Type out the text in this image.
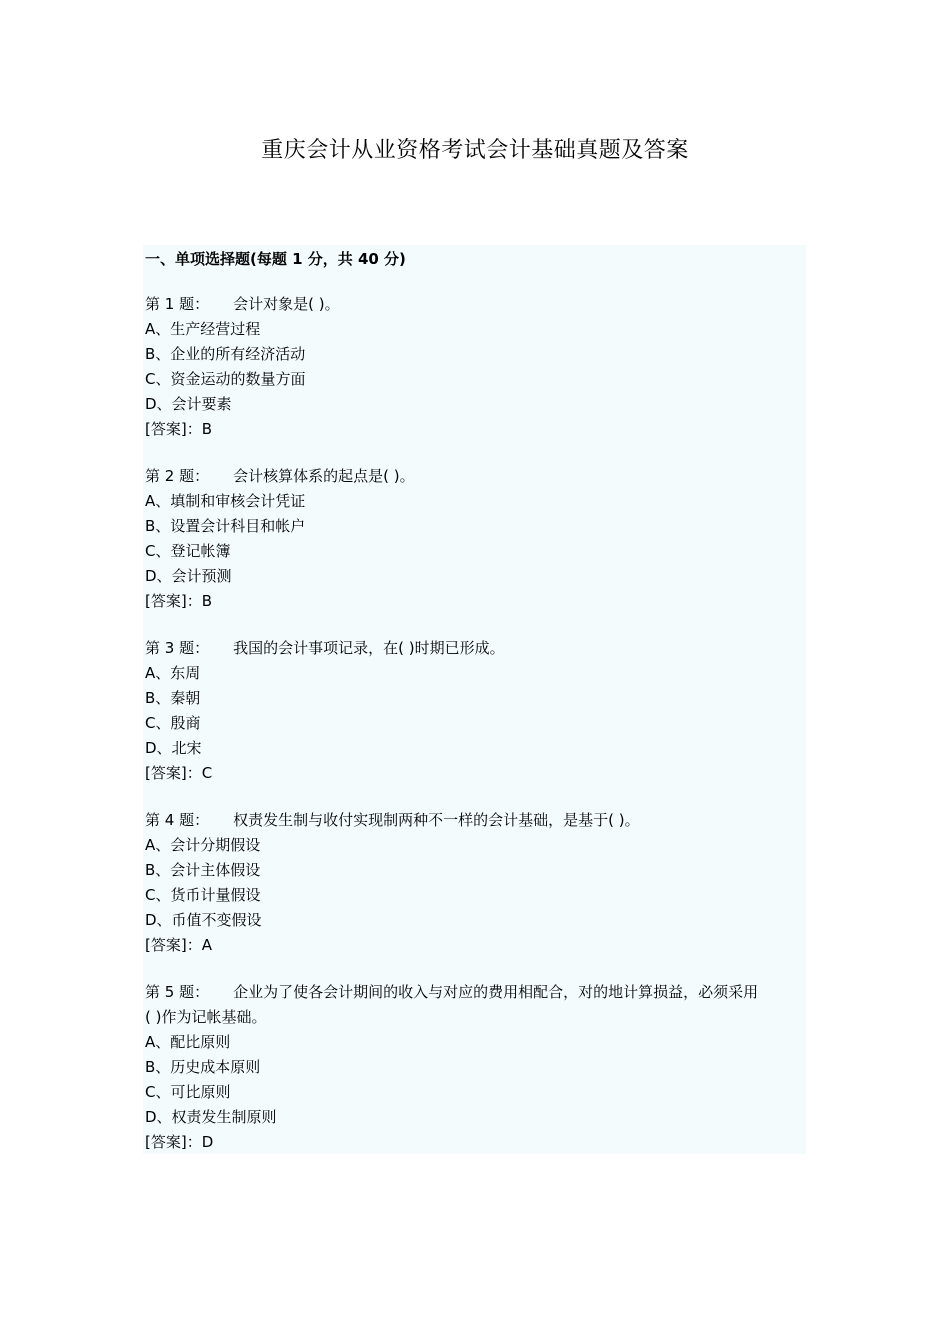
重庆会计从业资格考试会计基础真题及答案
一、单项选择题(每题 1 分，共 40 分)
第 1 题： 会计对象是( )。
A、生产经营过程
B、企业的所有经济活动
C、资金运动的数量方面
D、会计要素
[答案]：B
第 2 题： 会计核算体系的起点是( )。
A、填制和审核会计凭证
B、设置会计科目和帐户
C、登记帐簿
D、会计预测
[答案]：B
第 3 题： 我国的会计事项记录，在( )时期已形成。
A、东周
B、秦朝
C、殷商
D、北宋
[答案]：C
第 4 题： 权责发生制与收付实现制两种不一样的会计基础，是基于( )。
A、会计分期假设
B、会计主体假设
C、货币计量假设
D、币值不变假设
[答案]：A
第 5 题： 企业为了使各会计期间的收入与对应的费用相配合，对的地计算损益，必须采用
( )作为记帐基础。
A、配比原则
B、历史成本原则
C、可比原则
D、权责发生制原则
[答案]：D
